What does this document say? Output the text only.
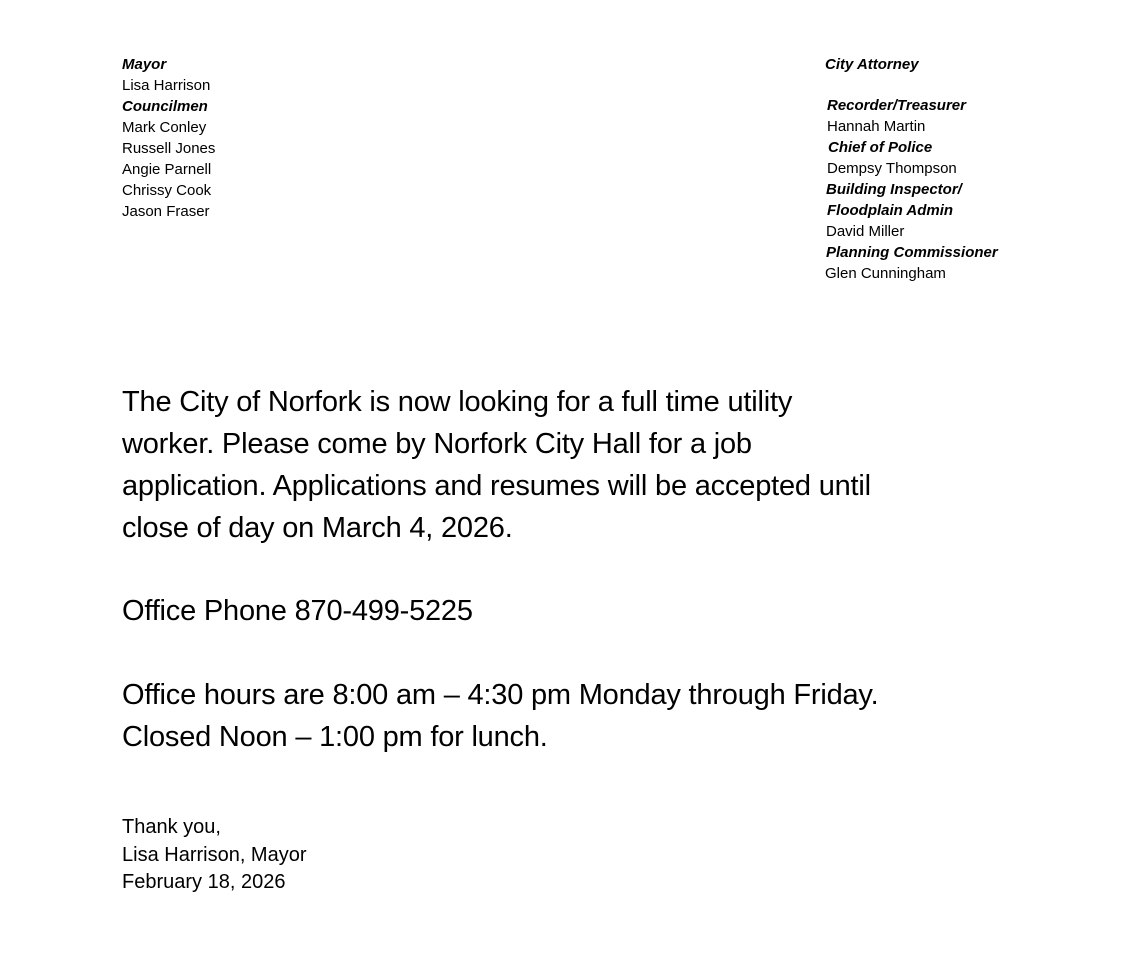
Mayor
Lisa Harrison
Councilmen
Mark Conley
Russell Jones
Angie Parnell
Chrissy Cook
Jason Fraser
City Attorney
Recorder/Treasurer
Hannah Martin
Chief of Police
Dempsy Thompson
Building Inspector/
Floodplain Admin
David Miller
Planning Commissioner
Glen Cunningham
The City of Norfork is now looking for a full time utility
worker. Please come by Norfork City Hall for a job
application. Applications and resumes will be accepted until
close of day on March 4, 2026.
Office Phone 870-499-5225
Office hours are 8:00 am – 4:30 pm Monday through Friday.
Closed Noon – 1:00 pm for lunch.
Thank you,
Lisa Harrison, Mayor
February 18, 2026
